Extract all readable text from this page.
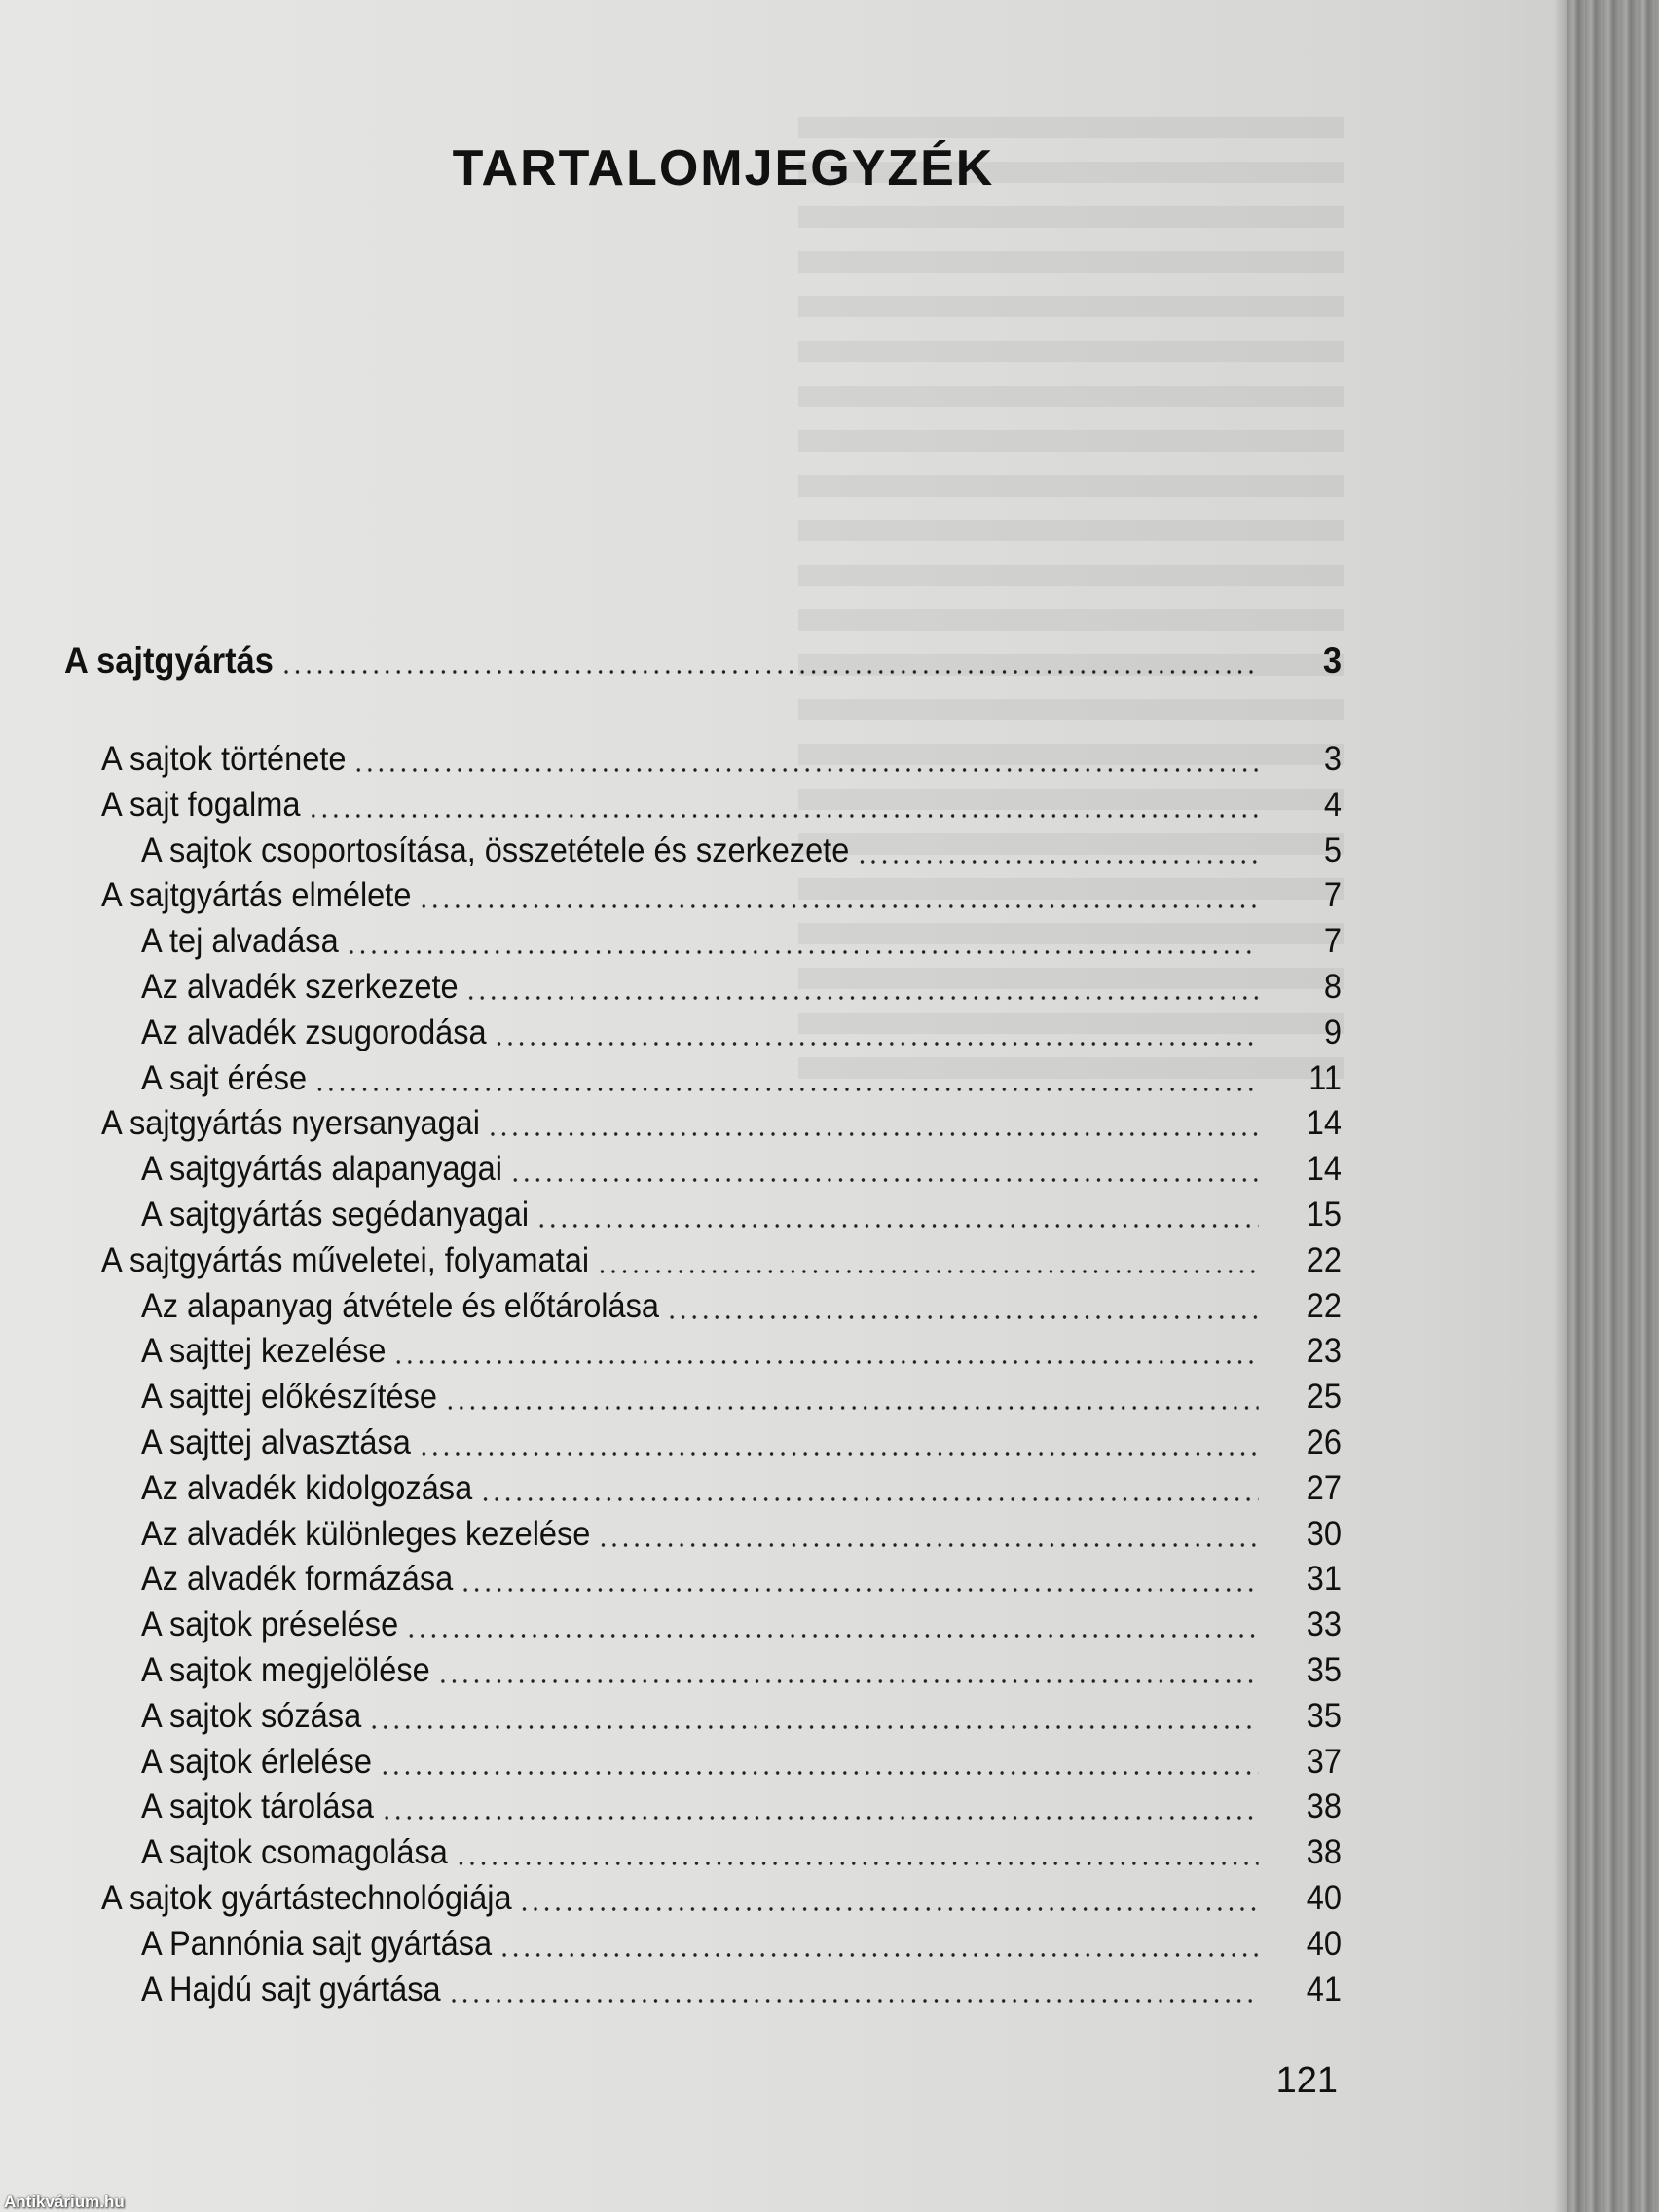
TARTALOMJEGYZÉK
A sajtgyártás	3
A sajtok története	3
A sajt fogalma	4
A sajtok csoportosítása, összetétele és szerkezete	5
A sajtgyártás elmélete	7
A tej alvadása	7
Az alvadék szerkezete	8
Az alvadék zsugorodása	9
A sajt érése	11
A sajtgyártás nyersanyagai	14
A sajtgyártás alapanyagai	14
A sajtgyártás segédanyagai	15
A sajtgyártás műveletei, folyamatai	22
Az alapanyag átvétele és előtárolása	22
A sajttej kezelése	23
A sajttej előkészítése	25
A sajttej alvasztása	26
Az alvadék kidolgozása	27
Az alvadék különleges kezelése	30
Az alvadék formázása	31
A sajtok préselése	33
A sajtok megjelölése	35
A sajtok sózása	35
A sajtok érlelése	37
A sajtok tárolása	38
A sajtok csomagolása	38
A sajtok gyártástechnológiája	40
A Pannónia sajt gyártása	40
A Hajdú sajt gyártása	41
121
Antikvárium.hu
